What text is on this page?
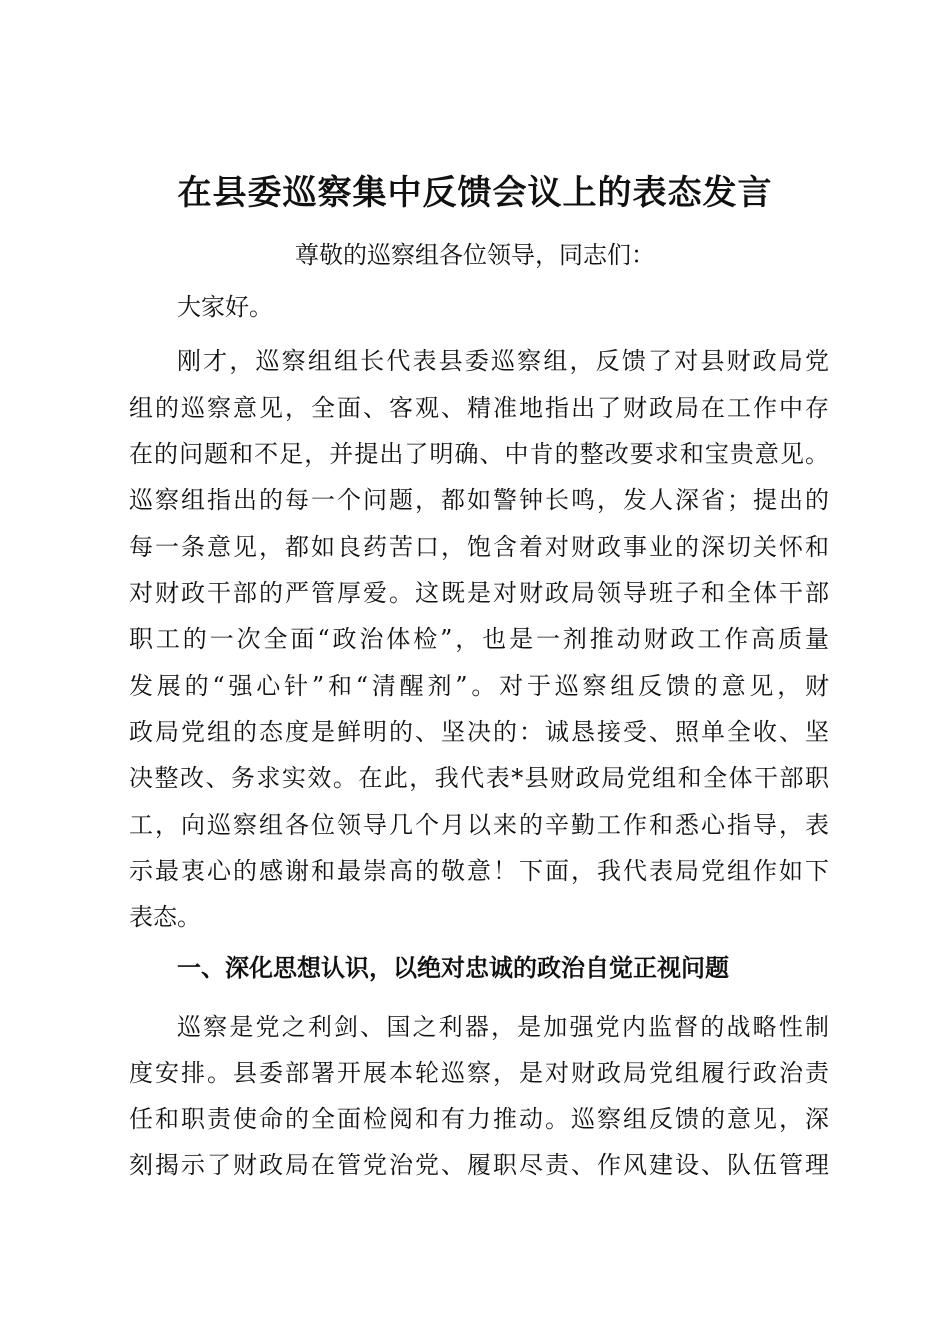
在县委巡察集中反馈会议上的表态发言

尊敬的巡察组各位领导，同志们：

大家好。

刚才，巡察组组长代表县委巡察组，反馈了对县财政局党

组的巡察意见，全面、客观、精准地指出了财政局在工作中存

在的问题和不足，并提出了明确、中肯的整改要求和宝贵意见。

巡察组指出的每一个问题，都如警钟长鸣，发人深省；提出的

每一条意见，都如良药苦口，饱含着对财政事业的深切关怀和

对财政干部的严管厚爱。这既是对财政局领导班子和全体干部

职工的一次全面“政治体检”，也是一剂推动财政工作高质量

发展的“强心针”和“清醒剂”。对于巡察组反馈的意见，财

政局党组的态度是鲜明的、坚决的：诚恳接受、照单全收、坚

决整改、务求实效。在此，我代表*县财政局党组和全体干部职

工，向巡察组各位领导几个月以来的辛勤工作和悉心指导，表

示最衷心的感谢和最崇高的敬意！下面，我代表局党组作如下

表态。

一、深化思想认识，以绝对忠诚的政治自觉正视问题

巡察是党之利剑、国之利器，是加强党内监督的战略性制

度安排。县委部署开展本轮巡察，是对财政局党组履行政治责

任和职责使命的全面检阅和有力推动。巡察组反馈的意见，深

刻揭示了财政局在管党治党、履职尽责、作风建设、队伍管理
